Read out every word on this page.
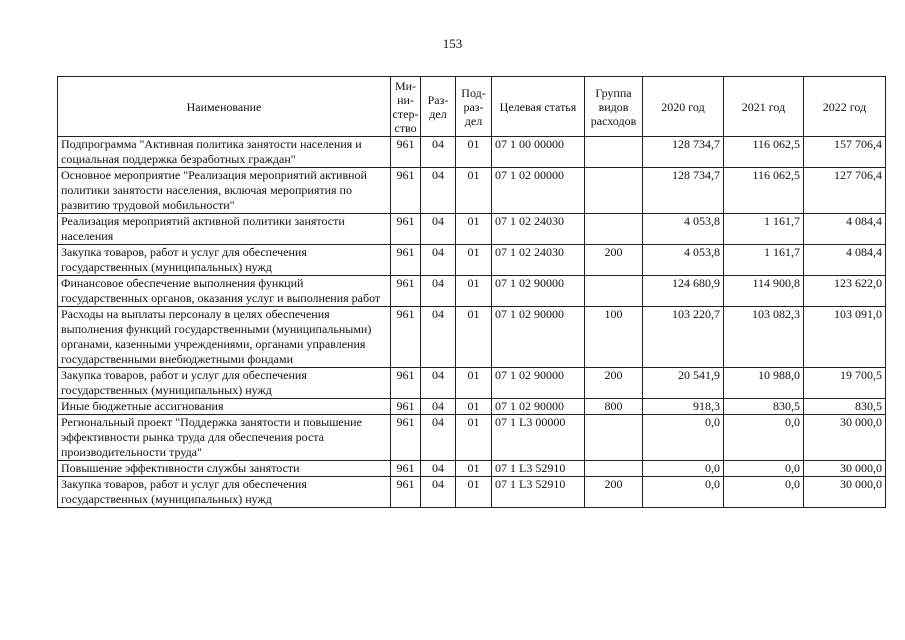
153
Наименование	Ми-ни-стер-ство	Раз-дел	Под-раз-дел	Целевая статья	Группа видов расходов	2020 год	2021 год	2022 год
Подпрограмма "Активная политика занятости населения и социальная поддержка безработных граждан"	961	04	01	07 1 00 00000		128 734,7	116 062,5	157 706,4
Основное мероприятие "Реализация мероприятий активной политики занятости населения, включая мероприятия по развитию трудовой мобильности"	961	04	01	07 1 02 00000		128 734,7	116 062,5	127 706,4
Реализация мероприятий активной политики занятости населения	961	04	01	07 1 02 24030		4 053,8	1 161,7	4 084,4
Закупка товаров, работ и услуг для обеспечения государственных (муниципальных) нужд	961	04	01	07 1 02 24030	200	4 053,8	1 161,7	4 084,4
Финансовое обеспечение выполнения функций государственных органов, оказания услуг и выполнения работ	961	04	01	07 1 02 90000		124 680,9	114 900,8	123 622,0
Расходы на выплаты персоналу в целях обеспечения выполнения функций государственными (муниципальными) органами, казенными учреждениями, органами управления государственными внебюджетными фондами	961	04	01	07 1 02 90000	100	103 220,7	103 082,3	103 091,0
Закупка товаров, работ и услуг для обеспечения государственных (муниципальных) нужд	961	04	01	07 1 02 90000	200	20 541,9	10 988,0	19 700,5
Иные бюджетные ассигнования	961	04	01	07 1 02 90000	800	918,3	830,5	830,5
Региональный проект "Поддержка занятости и повышение эффективности рынка труда для обеспечения роста производительности труда"	961	04	01	07 1 L3 00000		0,0	0,0	30 000,0
Повышение эффективности службы занятости	961	04	01	07 1 L3 52910		0,0	0,0	30 000,0
Закупка товаров, работ и услуг для обеспечения государственных (муниципальных) нужд	961	04	01	07 1 L3 52910	200	0,0	0,0	30 000,0
